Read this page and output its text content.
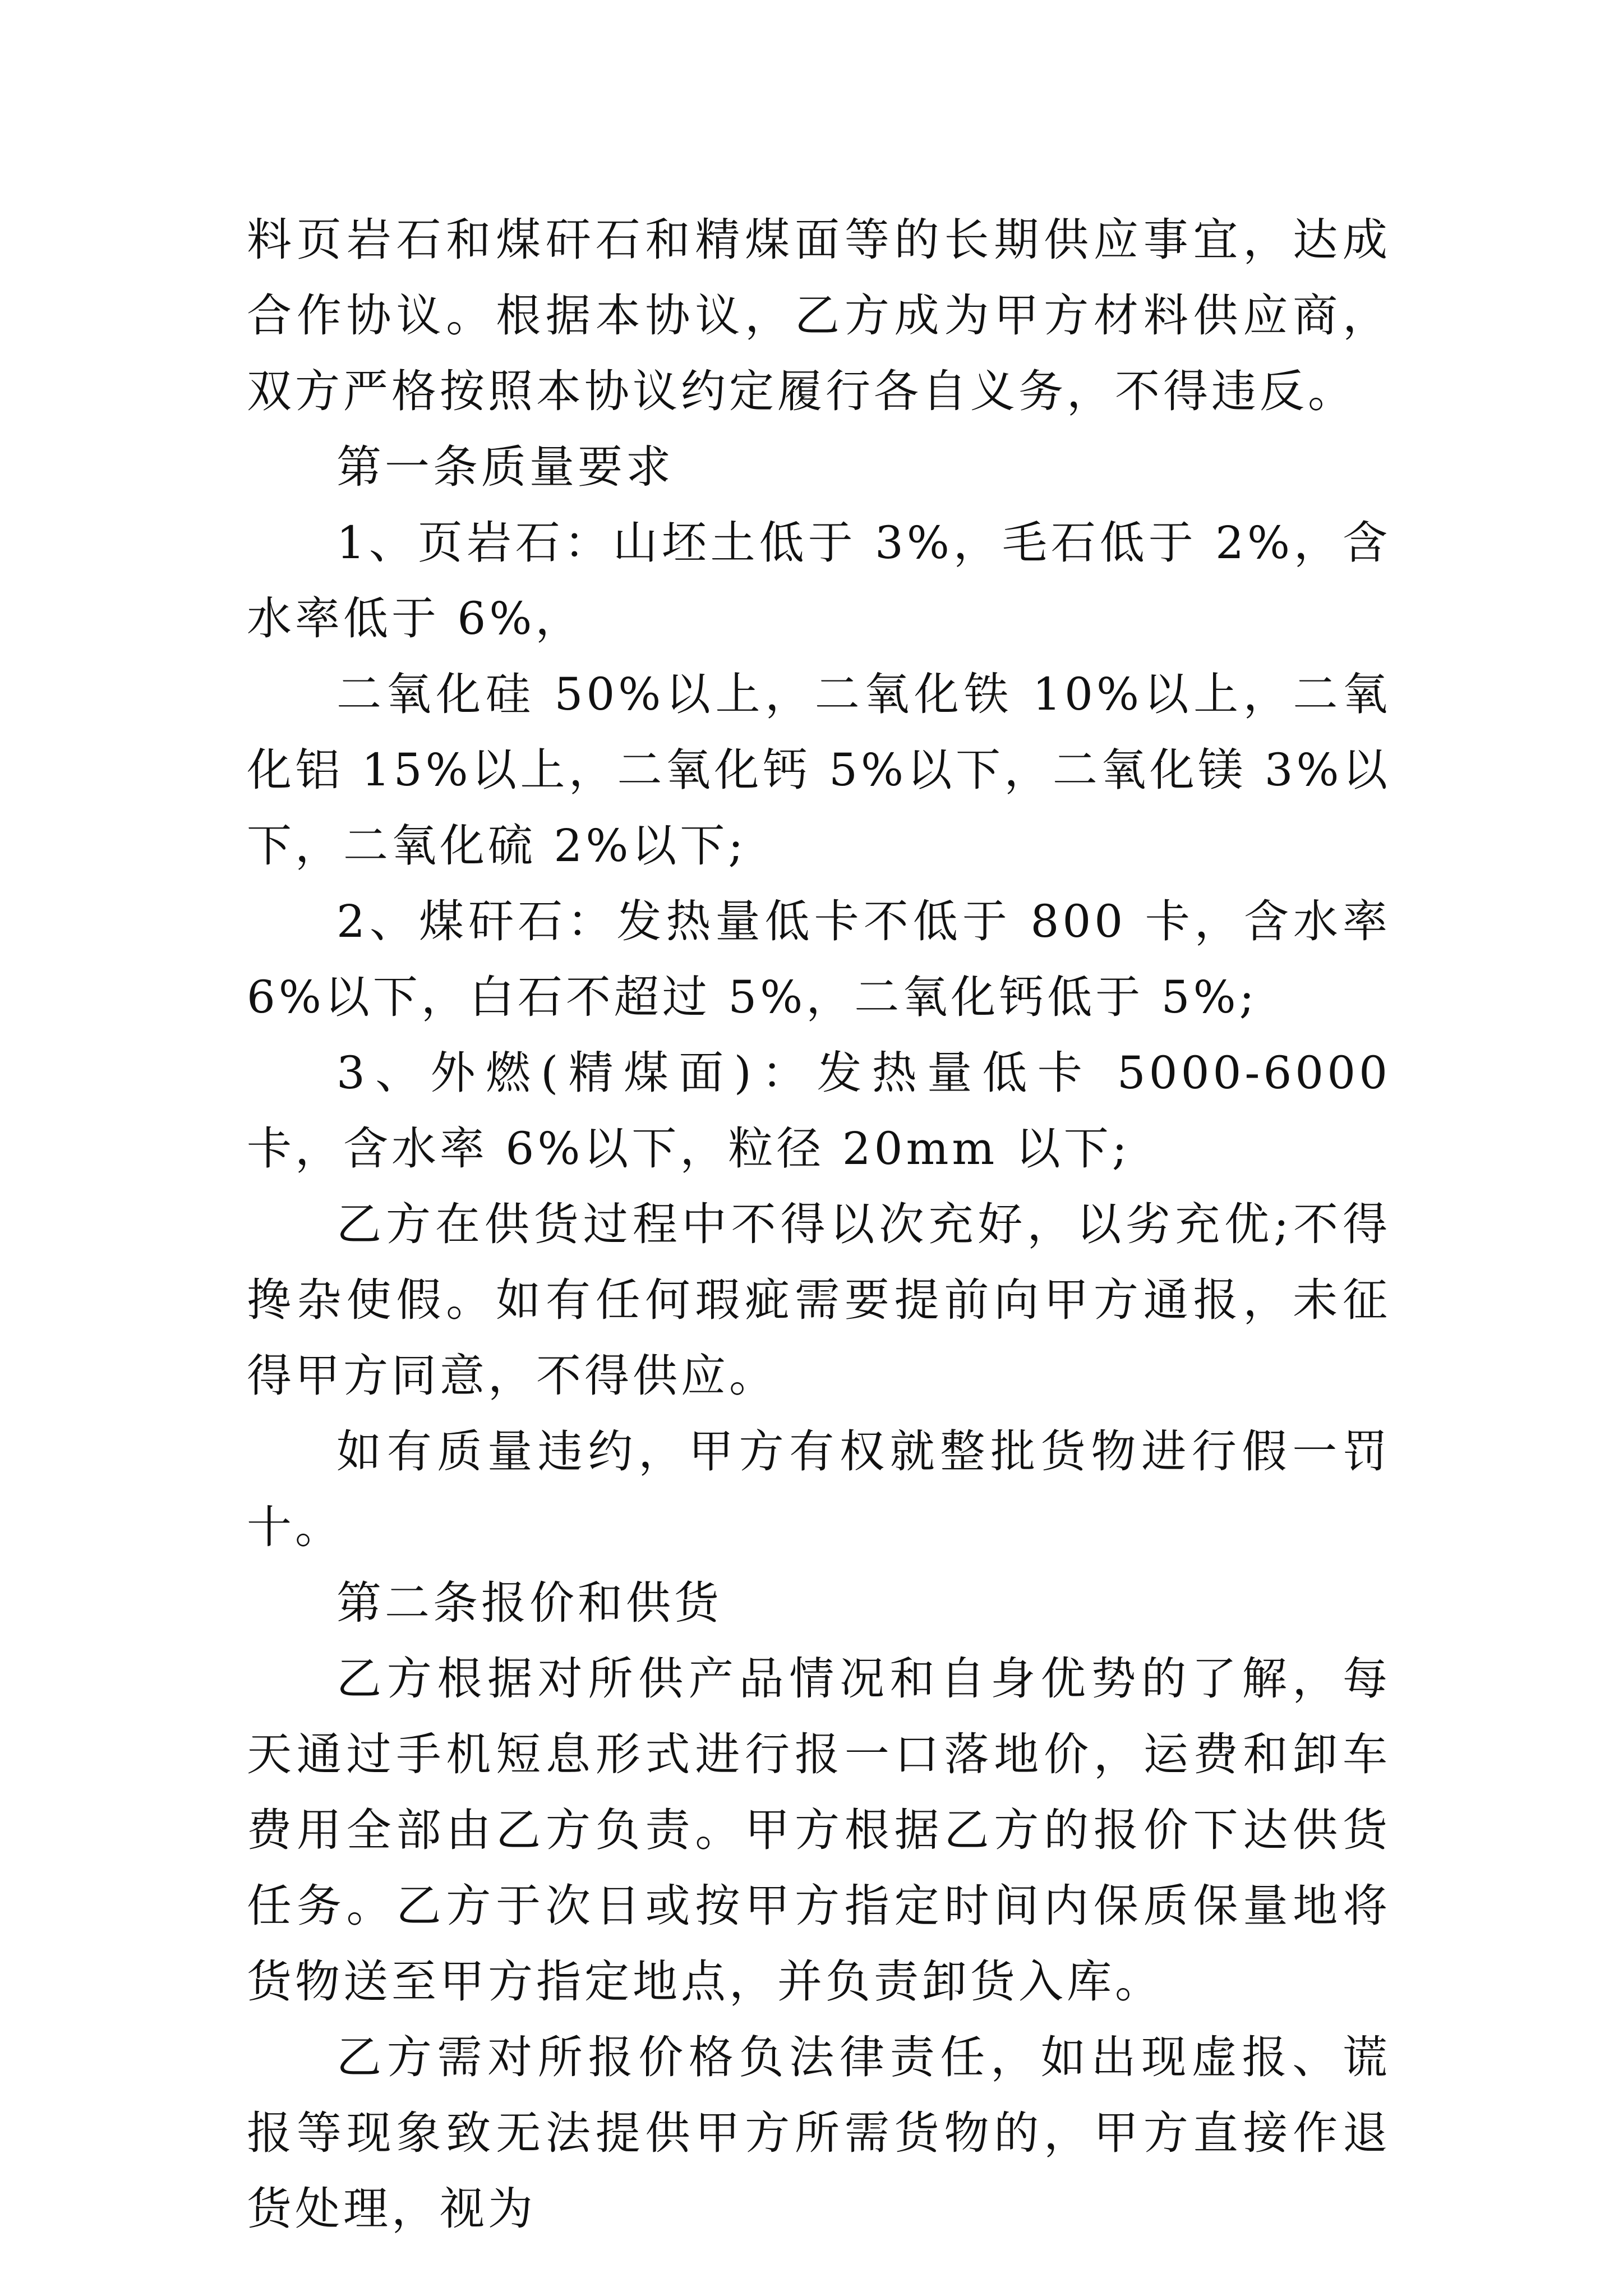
料页岩石和煤矸石和精煤面等的长期供应事宜，达成合作协议。根据本协议，乙方成为甲方材料供应商，双方严格按照本协议约定履行各自义务，不得违反。

第一条质量要求

1、页岩石：山坯土低于 3%，毛石低于 2%，含水率低于 6%，

二氧化硅 50%以上，二氧化铁 10%以上，二氧化铝 15%以上，二氧化钙 5%以下，二氧化镁 3%以下，二氧化硫 2%以下;

2、煤矸石：发热量低卡不低于 800 卡，含水率 6%以下，白石不超过 5%，二氧化钙低于 5%;

3、外燃(精煤面)：发热量低卡 5000-6000 卡，含水率 6%以下，粒径 20mm 以下;

乙方在供货过程中不得以次充好，以劣充优;不得搀杂使假。如有任何瑕疵需要提前向甲方通报，未征得甲方同意，不得供应。

如有质量违约，甲方有权就整批货物进行假一罚十。

第二条报价和供货

乙方根据对所供产品情况和自身优势的了解，每天通过手机短息形式进行报一口落地价，运费和卸车费用全部由乙方负责。甲方根据乙方的报价下达供货任务。乙方于次日或按甲方指定时间内保质保量地将货物送至甲方指定地点，并负责卸货入库。

乙方需对所报价格负法律责任，如出现虚报、谎报等现象致无法提供甲方所需货物的，甲方直接作退货处理，视为
